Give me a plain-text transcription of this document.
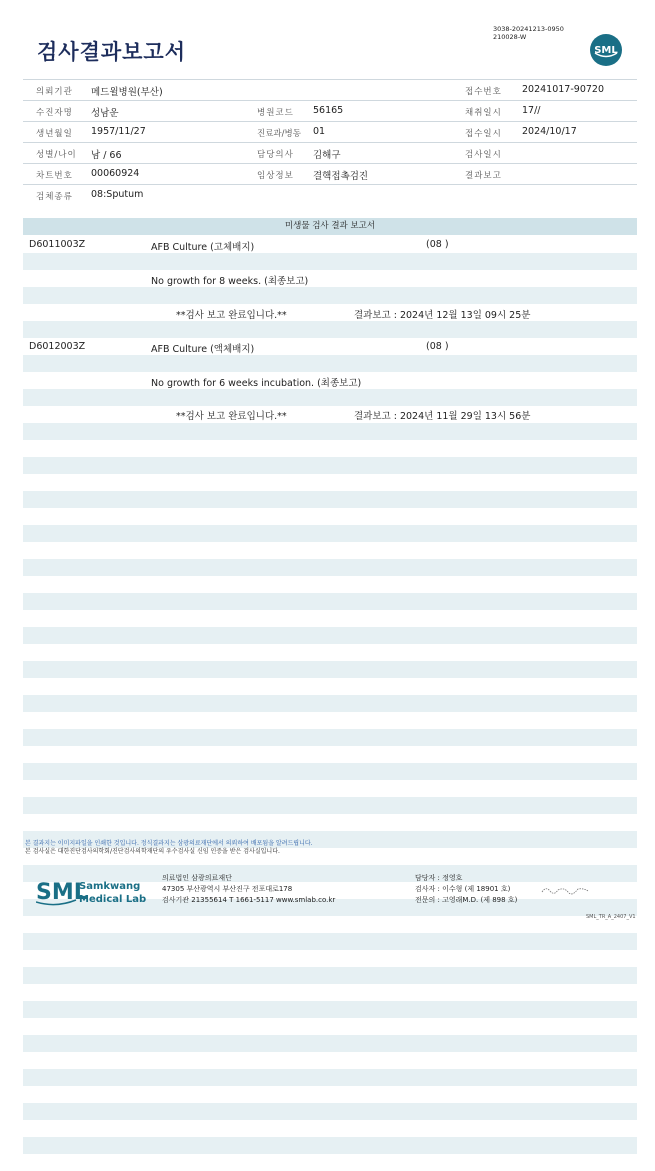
검사결과보고서
3038-20241213-0950
210028-W
SML
의뢰기관 메드윌병원(부산)	접수번호 20241017-90720
수진자명 성남운	병원코드 56165	채취일시 17//
생년월일 1957/11/27	진료과/병동 01	접수일시 2024/10/17
성별/나이 남 / 66	담당의사 김해구	검사일시
차트번호 00060924	임상정보 결핵접촉검진	결과보고
검체종류 08:Sputum
미생물 검사 결과 보고서
D6011003Z	AFB Culture (고체배지)	(08 )
No growth for 8 weeks. (최종보고)
**검사 보고 완료입니다.**	결과보고 : 2024년 12월 13일 09시 25분
D6012003Z	AFB Culture (액체배지)	(08 )
No growth for 6 weeks incubation. (최종보고)
**검사 보고 완료입니다.**	결과보고 : 2024년 11월 29일 13시 56분
본 결과지는 이미지파일을 인쇄한 것입니다. 정식결과지는 삼광의료재단에서 의뢰하여 배포됨을 알려드립니다.
본 검사실은 대한진단검사의학회/진단검사의학재단의 우수검사실 신임 인증을 받은 검사실입니다.
SML
Samkwang
Medical Lab
의료법인 삼광의료재단
47305 부산광역시 부산진구 전포대로178
검사기관 21355614 T 1661-5117 www.smlab.co.kr
담당자 : 정영호
검사자 : 이수형 (제 18901 호)
전문의 : 고영래M.D. (제 898 호)
SML_TR_A_2407_V1
